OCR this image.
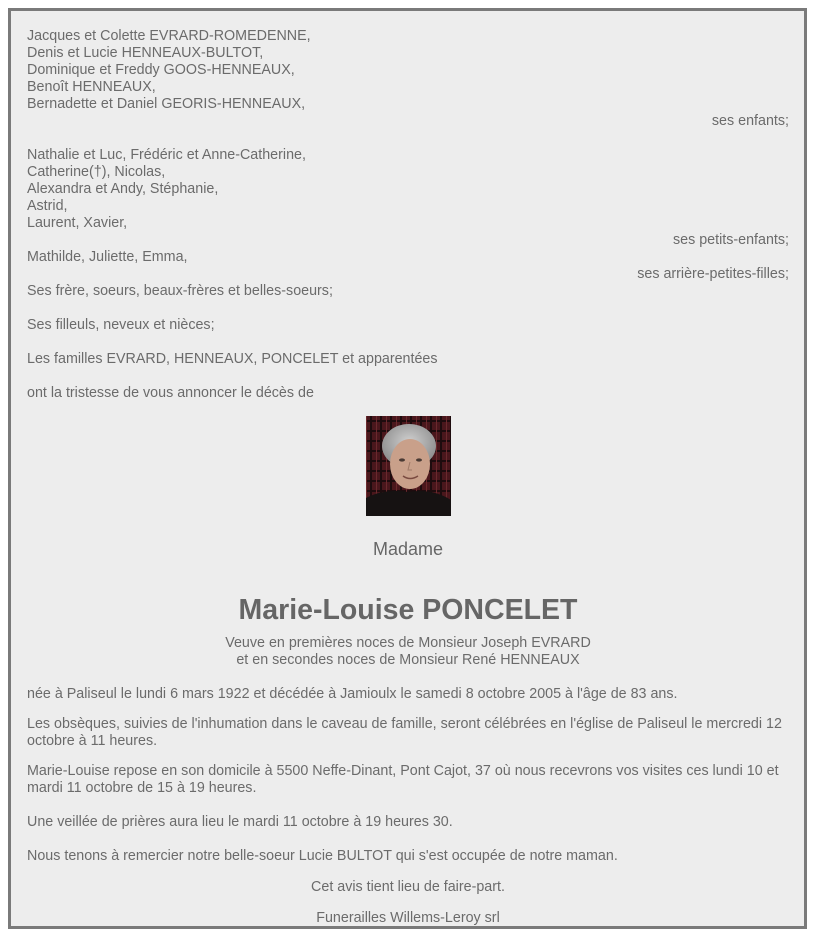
Jacques et Colette EVRARD-ROMEDENNE,
Denis et Lucie HENNEAUX-BULTOT,
Dominique et Freddy GOOS-HENNEAUX,
Benoît HENNEAUX,
Bernadette et Daniel GEORIS-HENNEAUX,
ses enfants;
Nathalie et Luc, Frédéric et Anne-Catherine,
Catherine(†), Nicolas,
Alexandra et Andy, Stéphanie,
Astrid,
Laurent, Xavier,
ses petits-enfants;
Mathilde, Juliette, Emma,
ses arrière-petites-filles;
Ses frère, soeurs, beaux-frères et belles-soeurs;
Ses filleuls, neveux et nièces;
Les familles EVRARD, HENNEAUX, PONCELET et apparentées
ont la tristesse de vous annoncer le décès de
Madame
Marie-Louise PONCELET
Veuve en premières noces de Monsieur Joseph EVRARD
et en secondes noces de Monsieur René HENNEAUX
née à Paliseul le lundi 6 mars 1922 et décédée à Jamioulx le samedi 8 octobre 2005 à l'âge de 83 ans.
Les obsèques, suivies de l'inhumation dans le caveau de famille, seront célébrées en l'église de Paliseul le mercredi 12 octobre à 11 heures.
Marie-Louise repose en son domicile à 5500 Neffe-Dinant, Pont Cajot, 37 où nous recevrons vos visites ces lundi 10 et mardi 11 octobre de 15 à 19 heures.
Une veillée de prières aura lieu le mardi 11 octobre à 19 heures 30.
Nous tenons à remercier notre belle-soeur Lucie BULTOT qui s'est occupée de notre maman.
Cet avis tient lieu de faire-part.
Funerailles Willems-Leroy srl
